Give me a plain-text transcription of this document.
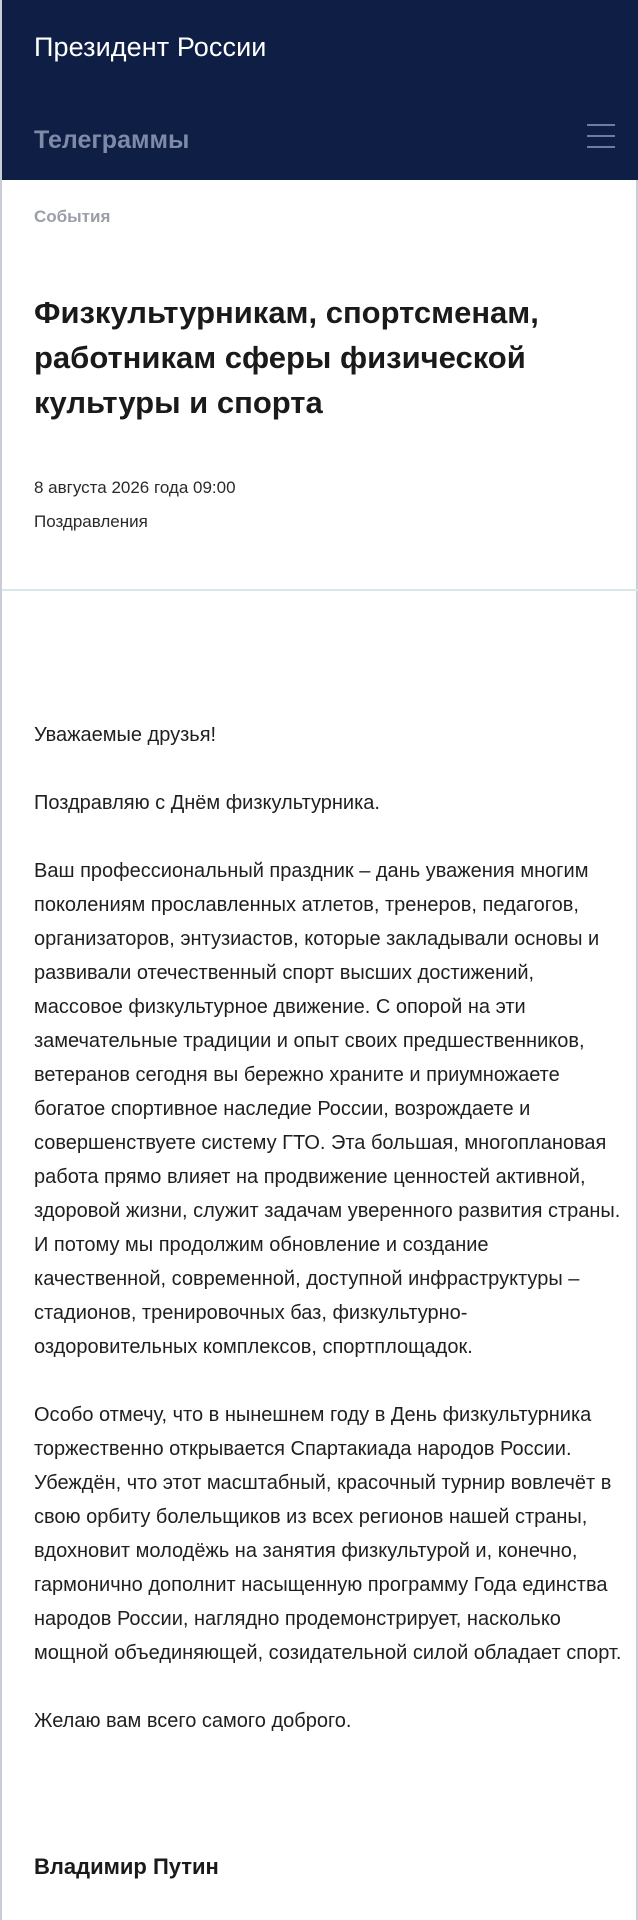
Президент России
Телеграммы
События
Физкультурникам, спортсменам, работникам сферы физической культуры и спорта
8 августа 2026 года 09:00
Поздравления

Уважаемые друзья!

Поздравляю с Днём физкультурника.

Ваш профессиональный праздник – дань уважения многим поколениям прославленных атлетов, тренеров, педагогов, организаторов, энтузиастов, которые закладывали основы и развивали отечественный спорт высших достижений, массовое физкультурное движение. С опорой на эти замечательные традиции и опыт своих предшественников, ветеранов сегодня вы бережно храните и приумножаете богатое спортивное наследие России, возрождаете и совершенствуете систему ГТО. Эта большая, многоплановая работа прямо влияет на продвижение ценностей активной, здоровой жизни, служит задачам уверенного развития страны. И потому мы продолжим обновление и создание качественной, современной, доступной инфраструктуры – стадионов, тренировочных баз, физкультурно-оздоровительных комплексов, спортплощадок.

Особо отмечу, что в нынешнем году в День физкультурника торжественно открывается Спартакиада народов России. Убеждён, что этот масштабный, красочный турнир вовлечёт в свою орбиту болельщиков из всех регионов нашей страны, вдохновит молодёжь на занятия физкультурой и, конечно, гармонично дополнит насыщенную программу Года единства народов России, наглядно продемонстрирует, насколько мощной объединяющей, созидательной силой обладает спорт.

Желаю вам всего самого доброго.

Владимир Путин
